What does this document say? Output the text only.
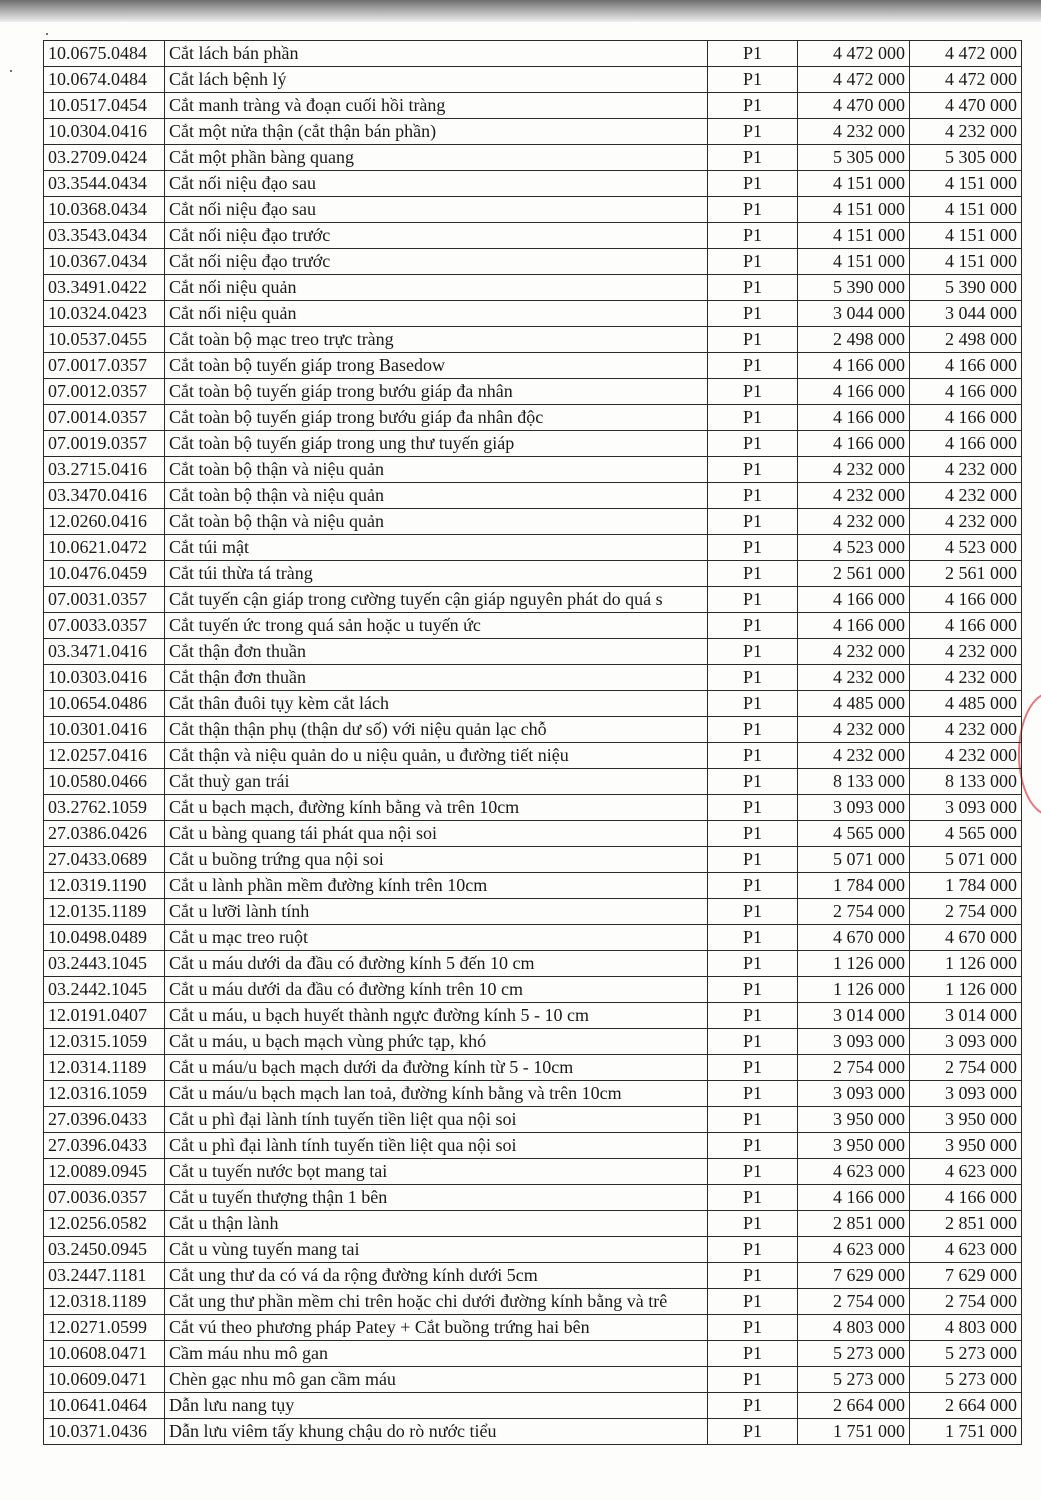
10.0675.0484	Cắt lách bán phần	P1	4 472 000	4 472 000
10.0674.0484	Cắt lách bệnh lý	P1	4 472 000	4 472 000
10.0517.0454	Cắt manh tràng và đoạn cuối hồi tràng	P1	4 470 000	4 470 000
10.0304.0416	Cắt một nửa thận (cắt thận bán phần)	P1	4 232 000	4 232 000
03.2709.0424	Cắt một phần bàng quang	P1	5 305 000	5 305 000
03.3544.0434	Cắt nối niệu đạo sau	P1	4 151 000	4 151 000
10.0368.0434	Cắt nối niệu đạo sau	P1	4 151 000	4 151 000
03.3543.0434	Cắt nối niệu đạo trước	P1	4 151 000	4 151 000
10.0367.0434	Cắt nối niệu đạo trước	P1	4 151 000	4 151 000
03.3491.0422	Cắt nối niệu quản	P1	5 390 000	5 390 000
10.0324.0423	Cắt nối niệu quản	P1	3 044 000	3 044 000
10.0537.0455	Cắt toàn bộ mạc treo trực tràng	P1	2 498 000	2 498 000
07.0017.0357	Cắt toàn bộ tuyến giáp trong Basedow	P1	4 166 000	4 166 000
07.0012.0357	Cắt toàn bộ tuyến giáp trong bướu giáp đa nhân	P1	4 166 000	4 166 000
07.0014.0357	Cắt toàn bộ tuyến giáp trong bướu giáp đa nhân độc	P1	4 166 000	4 166 000
07.0019.0357	Cắt toàn bộ tuyến giáp trong ung thư tuyến giáp	P1	4 166 000	4 166 000
03.2715.0416	Cắt toàn bộ thận và niệu quản	P1	4 232 000	4 232 000
03.3470.0416	Cắt toàn bộ thận và niệu quản	P1	4 232 000	4 232 000
12.0260.0416	Cắt toàn bộ thận và niệu quản	P1	4 232 000	4 232 000
10.0621.0472	Cắt túi mật	P1	4 523 000	4 523 000
10.0476.0459	Cắt túi thừa tá tràng	P1	2 561 000	2 561 000
07.0031.0357	Cắt tuyến cận giáp trong cường tuyến cận giáp nguyên phát do quá s	P1	4 166 000	4 166 000
07.0033.0357	Cắt tuyến ức trong quá sản hoặc u tuyến ức	P1	4 166 000	4 166 000
03.3471.0416	Cắt thận đơn thuần	P1	4 232 000	4 232 000
10.0303.0416	Cắt thận đơn thuần	P1	4 232 000	4 232 000
10.0654.0486	Cắt thân đuôi tụy kèm cắt lách	P1	4 485 000	4 485 000
10.0301.0416	Cắt thận thận phụ (thận dư số) với niệu quản lạc chỗ	P1	4 232 000	4 232 000
12.0257.0416	Cắt thận và niệu quản do u niệu quản, u đường tiết niệu	P1	4 232 000	4 232 000
10.0580.0466	Cắt thuỳ gan trái	P1	8 133 000	8 133 000
03.2762.1059	Cắt u bạch mạch, đường kính bằng và trên 10cm	P1	3 093 000	3 093 000
27.0386.0426	Cắt u bàng quang tái phát qua nội soi	P1	4 565 000	4 565 000
27.0433.0689	Cắt u buồng trứng qua nội soi	P1	5 071 000	5 071 000
12.0319.1190	Cắt u lành phần mềm đường kính trên 10cm	P1	1 784 000	1 784 000
12.0135.1189	Cắt u lưỡi lành tính	P1	2 754 000	2 754 000
10.0498.0489	Cắt u mạc treo ruột	P1	4 670 000	4 670 000
03.2443.1045	Cắt u máu dưới da đầu có đường kính 5 đến 10 cm	P1	1 126 000	1 126 000
03.2442.1045	Cắt u máu dưới da đầu có đường kính trên 10 cm	P1	1 126 000	1 126 000
12.0191.0407	Cắt u máu, u bạch huyết thành ngực đường kính 5 - 10 cm	P1	3 014 000	3 014 000
12.0315.1059	Cắt u máu, u bạch mạch vùng phức tạp, khó	P1	3 093 000	3 093 000
12.0314.1189	Cắt u máu/u bạch mạch dưới da đường kính từ 5 - 10cm	P1	2 754 000	2 754 000
12.0316.1059	Cắt u máu/u bạch mạch lan toả, đường kính bằng và trên 10cm	P1	3 093 000	3 093 000
27.0396.0433	Cắt u phì đại lành tính tuyến tiền liệt qua nội soi	P1	3 950 000	3 950 000
27.0396.0433	Cắt u phì đại lành tính tuyến tiền liệt qua nội soi	P1	3 950 000	3 950 000
12.0089.0945	Cắt u tuyến nước bọt mang tai	P1	4 623 000	4 623 000
07.0036.0357	Cắt u tuyến thượng thận 1 bên	P1	4 166 000	4 166 000
12.0256.0582	Cắt u thận lành	P1	2 851 000	2 851 000
03.2450.0945	Cắt u vùng tuyến mang tai	P1	4 623 000	4 623 000
03.2447.1181	Cắt ung thư da có vá da rộng đường kính dưới 5cm	P1	7 629 000	7 629 000
12.0318.1189	Cắt ung thư phần mềm chi trên hoặc chi dưới đường kính bằng và trê	P1	2 754 000	2 754 000
12.0271.0599	Cắt vú theo phương pháp Patey + Cắt buồng trứng hai bên	P1	4 803 000	4 803 000
10.0608.0471	Cầm máu nhu mô gan	P1	5 273 000	5 273 000
10.0609.0471	Chèn gạc nhu mô gan cầm máu	P1	5 273 000	5 273 000
10.0641.0464	Dẫn lưu nang tụy	P1	2 664 000	2 664 000
10.0371.0436	Dẫn lưu viêm tấy khung chậu do rò nước tiểu	P1	1 751 000	1 751 000
